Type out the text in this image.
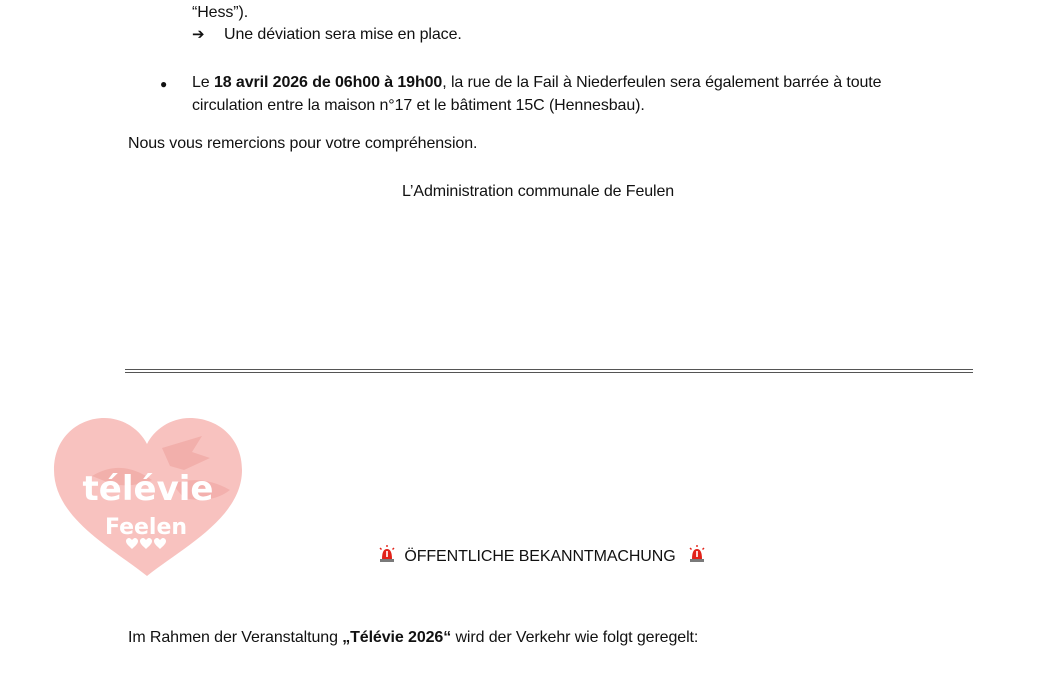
“Hess”).
➔ Une déviation sera mise en place.
● Le 18 avril 2026 de 06h00 à 19h00, la rue de la Fail à Niederfeulen sera également barrée à toute
circulation entre la maison n°17 et le bâtiment 15C (Hennesbau).
Nous vous remercions pour votre compréhension.
L’Administration communale de Feulen
télévie
Feelen
ÖFFENTLICHE BEKANNTMACHUNG
Im Rahmen der Veranstaltung „Télévie 2026“ wird der Verkehr wie folgt geregelt:
